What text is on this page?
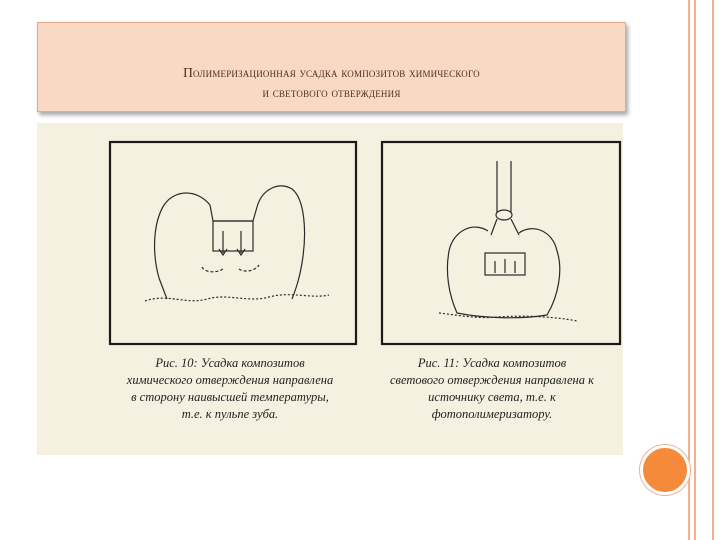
Полимеризационная усадка композитов химического
и светового отверждения
Рис. 10: Усадка композитов
химического отверждения направлена
в сторону наивысшей температуры,
т.е. к пульпе зуба.
Рис. 11: Усадка композитов
светового отверждения направлена к
источнику света, т.е. к
фотополимеризатору.
